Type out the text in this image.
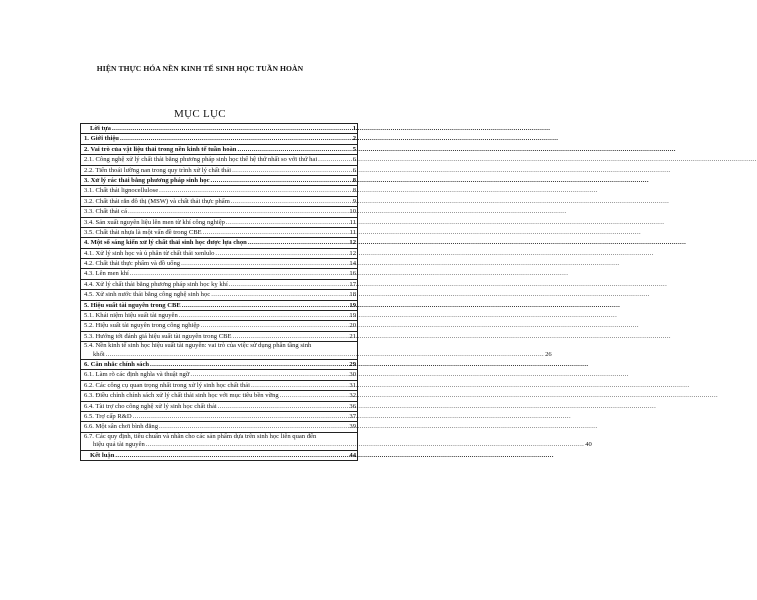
HIỆN THỰC HÓA NỀN KINH TẾ SINH HỌC TUẦN HOÀN
MỤC LỤC
Lời tựa .....	1
1. Giới thiệu .....	2
2. Vai trò của vật liệu thải trong nền kinh tế tuần hoàn .....	5
2.1. Công nghệ xử lý chất thải bằng phương pháp sinh học thể hệ thứ nhất so với thứ hai .....	6
2.2. Tiến thoái lưỡng nan trong quy trình xử lý chất thải .....	6
3. Xử lý rác thải bằng phương pháp sinh học .....	8
3.1. Chất thải lignocellulose .....	8
3.2. Chất thải rắn đô thị (MSW) và chất thải thực phẩm .....	9
3.3. Chất thải cá .....	10
3.4. Sản xuất nguyên liệu lên men từ khí công nghiệp .....	11
3.5. Chất thải nhựa là một vấn đề trong CBE .....	11
4. Một số sáng kiến xử lý chất thải sinh học được lựa chọn .....	12
4.1. Xử lý sinh học và ủ phân từ chất thải xenlulo .....	12
4.2. Chất thải thực phẩm và đồ uống .....	14
4.3. Lên men khí .....	16
4.4. Xử lý chất thải bằng phương pháp sinh học kỵ khí .....	17
4.5. Xử sinh nước thải bằng công nghệ sinh học .....	18
5. Hiệu suất tài nguyên trong CBE .....	19
5.1. Khái niệm hiệu suất tài nguyên .....	19
5.2. Hiệu suất tài nguyên trong công nghiệp .....	20
5.3. Hướng tới đánh giá hiệu suất tài nguyên trong CBE .....	21
5.4. Nền kinh tế sinh học hiệu suất tài nguyên: vai trò của việc sử dụng phân tầng sinh
khối .....	26
6. Cân nhắc chính sách .....	29
6.1. Làm rõ các định nghĩa và thuật ngữ .....	30
6.2. Các công cụ quan trọng nhất trong xử lý sinh học chất thải .....	31
6.3. Điều chỉnh chính sách xử lý chất thải sinh học với mục tiêu bền vững .....	32
6.4. Tài trợ cho công nghệ xử lý sinh học chất thải .....	36
6.5. Trợ cấp R&D .....	37
6.6. Một sân chơi bình đẳng .....	39
6.7. Các quy định, tiêu chuẩn và nhãn cho các sản phẩm dựa trên sinh học liên quan đến
hiệu quả tài nguyên .....	40
Kết luận .....	44
